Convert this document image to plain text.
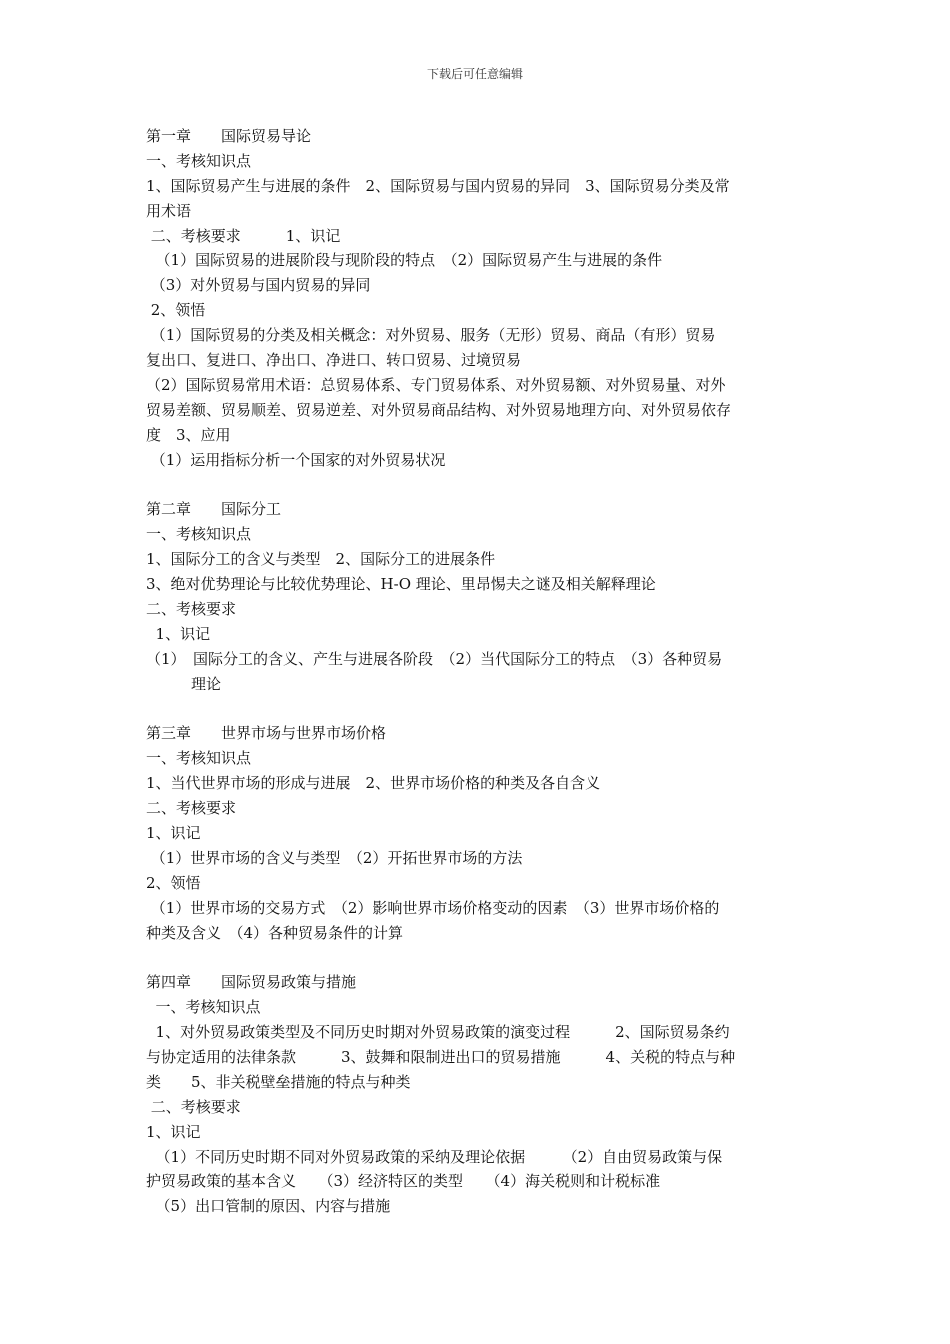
下载后可任意编辑
第一章　　国际贸易导论
一、考核知识点
1、国际贸易产生与进展的条件　2、国际贸易与国内贸易的异同　3、国际贸易分类及常
用术语
二、考核要求　　　1、识记
（1）国际贸易的进展阶段与现阶段的特点　（2）国际贸易产生与进展的条件
（3）对外贸易与国内贸易的异同
2、领悟
（1）国际贸易的分类及相关概念：对外贸易、服务（无形）贸易、商品（有形）贸易
复出口、复进口、净出口、净进口、转口贸易、过境贸易
（2）国际贸易常用术语：总贸易体系、专门贸易体系、对外贸易额、对外贸易量、对外
贸易差额、贸易顺差、贸易逆差、对外贸易商品结构、对外贸易地理方向、对外贸易依存
度　3、应用
（1）运用指标分析一个国家的对外贸易状况
第二章　　国际分工
一、考核知识点
1、国际分工的含义与类型　2、国际分工的进展条件
3、绝对优势理论与比较优势理论、H-O 理论、里昂惕夫之谜及相关解释理论
二、考核要求
1、识记
（1）　国际分工的含义、产生与进展各阶段　（2）当代国际分工的特点　（3）各种贸易
　　　理论
第三章　　世界市场与世界市场价格
一、考核知识点
1、当代世界市场的形成与进展　2、世界市场价格的种类及各自含义
二、考核要求
1、识记
（1）世界市场的含义与类型　（2）开拓世界市场的方法
2、领悟
（1）世界市场的交易方式　（2）影响世界市场价格变动的因素　（3）世界市场价格的
种类及含义　（4）各种贸易条件的计算
第四章　　国际贸易政策与措施
一、考核知识点
1、对外贸易政策类型及不同历史时期对外贸易政策的演变过程　　　2、国际贸易条约
与协定适用的法律条款　　　3、鼓舞和限制进出口的贸易措施　　　4、关税的特点与种
类　　5、非关税壁垒措施的特点与种类
二、考核要求
1、识记
（1）不同历史时期不同对外贸易政策的采纳及理论依据　　　（2）自由贸易政策与保
护贸易政策的基本含义　　（3）经济特区的类型　　（4）海关税则和计税标准
（5）出口管制的原因、内容与措施
